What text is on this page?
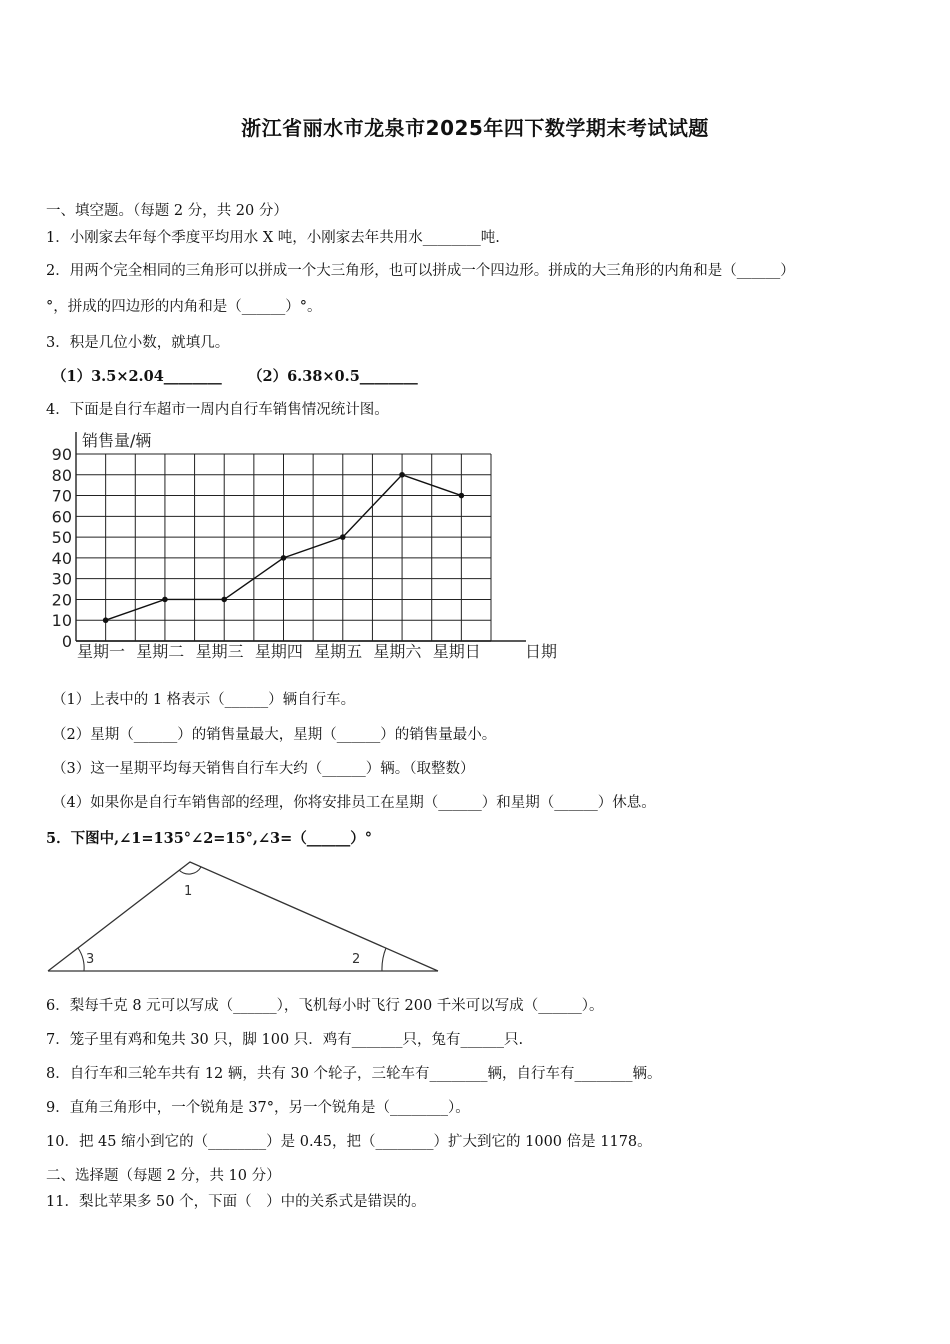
浙江省丽水市龙泉市2025年四下数学期末考试试题
一、填空题。（每题 2 分，共 20 分）
1．小刚家去年每个季度平均用水 X 吨，小刚家去年共用水________吨.
2．用两个完全相同的三角形可以拼成一个大三角形，也可以拼成一个四边形。拼成的大三角形的内角和是（______）
°，拼成的四边形的内角和是（______）°。
3．积是几位小数，就填几。
（1）3.5×2.04________ （2）6.38×0.5________
4．下面是自行车超市一周内自行车销售情况统计图。
0
10
20
30
40
50
60
70
80
90
星期一 星期二 星期三 星期四 星期五 星期六 星期日
销售量/辆
日期
（1）上表中的 1 格表示（______）辆自行车。
（2）星期（______）的销售量最大，星期（______）的销售量最小。
（3）这一星期平均每天销售自行车大约（______）辆。（取整数）
（4）如果你是自行车销售部的经理，你将安排员工在星期（______）和星期（______）休息。
5．下图中,∠1=135°∠2=15°,∠3=（______）°
1
3	2
6．梨每千克 8 元可以写成（______），飞机每小时飞行 200 千米可以写成（______）。
7．笼子里有鸡和兔共 30 只，脚 100 只．鸡有_______只，兔有______只.
8．自行车和三轮车共有 12 辆，共有 30 个轮子，三轮车有________辆，自行车有________辆。
9．直角三角形中，一个锐角是 37°，另一个锐角是（________）。
10．把 45 缩小到它的（________）是 0.45，把（________）扩大到它的 1000 倍是 1178。
二、选择题（每题 2 分，共 10 分）
11．梨比苹果多 50 个，下面（　）中的关系式是错误的。
